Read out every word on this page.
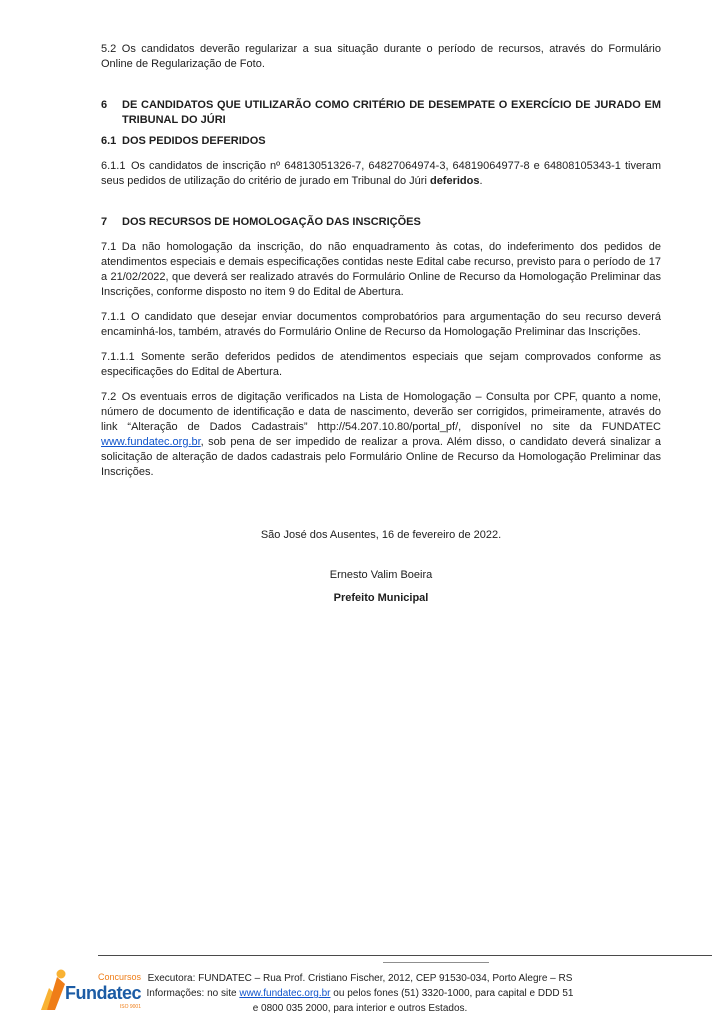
5.2 Os candidatos deverão regularizar a sua situação durante o período de recursos, através do Formulário Online de Regularização de Foto.

6	DE CANDIDATOS QUE UTILIZARÃO COMO CRITÉRIO DE DESEMPATE O EXERCÍCIO DE JURADO EM TRIBUNAL DO JÚRI
6.1 DOS PEDIDOS DEFERIDOS

6.1.1 Os candidatos de inscrição nº 64813051326-7, 64827064974-3, 64819064977-8 e 64808105343-1 tiveram seus pedidos de utilização do critério de jurado em Tribunal do Júri deferidos.

7	DOS RECURSOS DE HOMOLOGAÇÃO DAS INSCRIÇÕES

7.1 Da não homologação da inscrição, do não enquadramento às cotas, do indeferimento dos pedidos de atendimentos especiais e demais especificações contidas neste Edital cabe recurso, previsto para o período de 17 a 21/02/2022, que deverá ser realizado através do Formulário Online de Recurso da Homologação Preliminar das Inscrições, conforme disposto no item 9 do Edital de Abertura.

7.1.1 O candidato que desejar enviar documentos comprobatórios para argumentação do seu recurso deverá encaminhá-los, também, através do Formulário Online de Recurso da Homologação Preliminar das Inscrições.

7.1.1.1 Somente serão deferidos pedidos de atendimentos especiais que sejam comprovados conforme as especificações do Edital de Abertura.

7.2 Os eventuais erros de digitação verificados na Lista de Homologação – Consulta por CPF, quanto a nome, número de documento de identificação e data de nascimento, deverão ser corrigidos, primeiramente, através do link “Alteração de Dados Cadastrais” http://54.207.10.80/portal_pf/, disponível no site da FUNDATEC www.fundatec.org.br, sob pena de ser impedido de realizar a prova. Além disso, o candidato deverá sinalizar a solicitação de alteração de dados cadastrais pelo Formulário Online de Recurso da Homologação Preliminar das Inscrições.

São José dos Ausentes, 16 de fevereiro de 2022.

Ernesto Valim Boeira

Prefeito Municipal

Concursos
Fundatec
ISO 9001
Executora: FUNDATEC – Rua Prof. Cristiano Fischer, 2012, CEP 91530-034, Porto Alegre – RS
Informações: no site www.fundatec.org.br ou pelos fones (51) 3320-1000, para capital e DDD 51
e 0800 035 2000, para interior e outros Estados.
